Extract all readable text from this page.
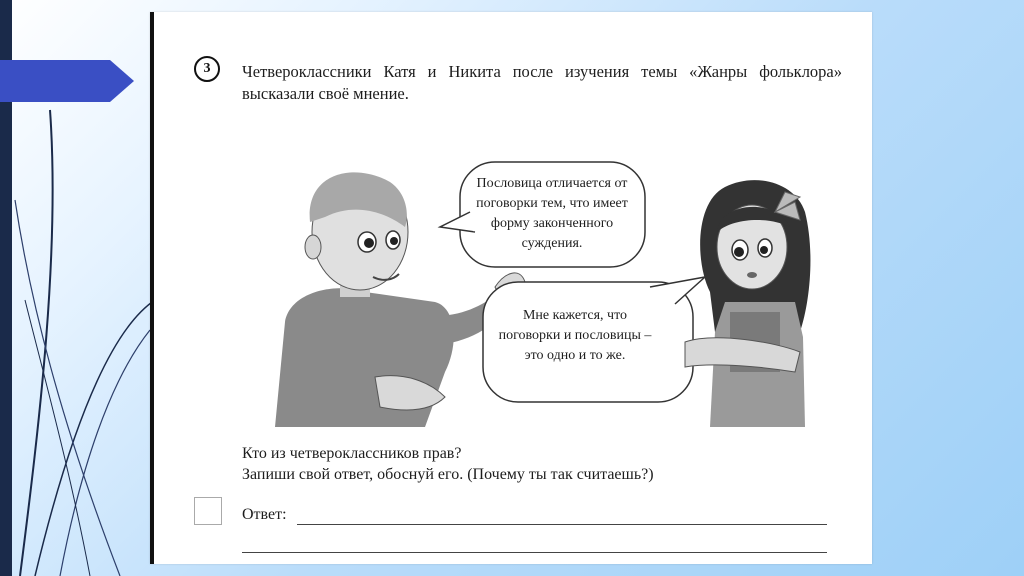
3	Четвероклассники Катя и Никита после изучения темы «Жанры фольклора» высказали своё мнение.
Пословица отличается от поговорки тем, что имеет форму законченного суждения.
Мне кажется, что поговорки и пословицы – это одно и то же.
Кто из четвероклассников прав?
Запиши свой ответ, обоснуй его. (Почему ты так считаешь?)
Ответ:
